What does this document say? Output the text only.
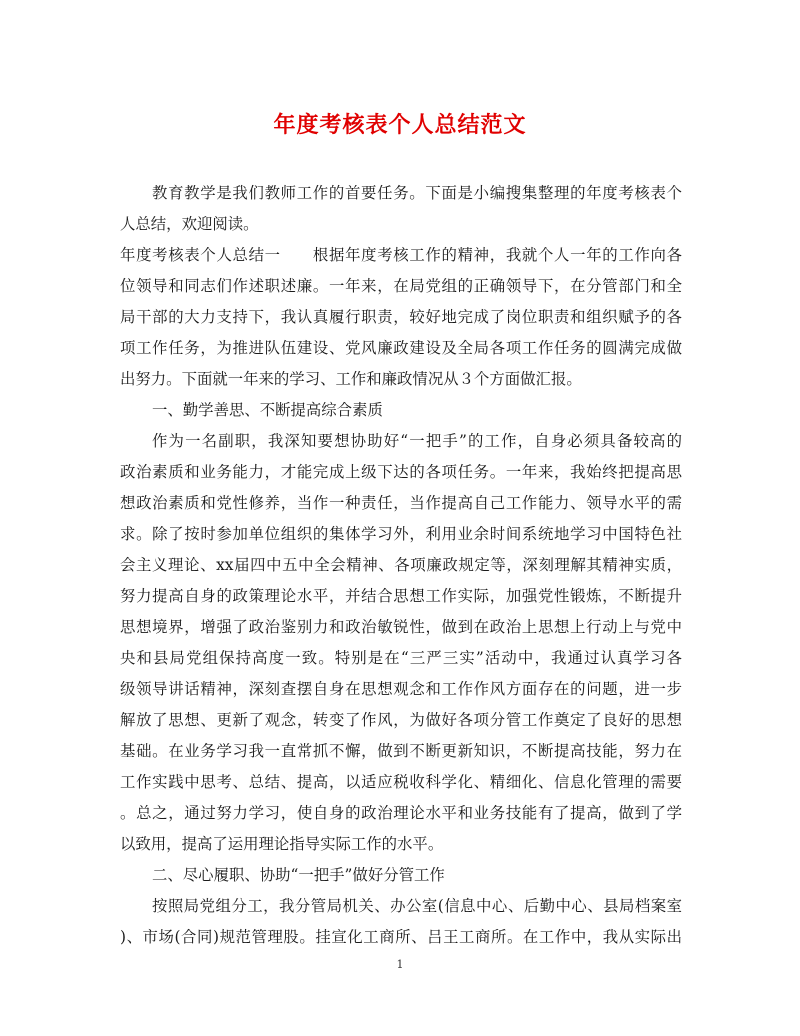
年度考核表个人总结范文
教育教学是我们教师工作的首要任务。下面是小编搜集整理的年度考核表个
人总结，欢迎阅读。
年度考核表个人总结一　　根据年度考核工作的精神，我就个人一年的工作向各
位领导和同志们作述职述廉。一年来，在局党组的正确领导下，在分管部门和全
局干部的大力支持下，我认真履行职责，较好地完成了岗位职责和组织赋予的各
项工作任务，为推进队伍建设、党风廉政建设及全局各项工作任务的圆满完成做
出努力。下面就一年来的学习、工作和廉政情况从３个方面做汇报。
一、勤学善思、不断提高综合素质
作为一名副职，我深知要想协助好“一把手”的工作，自身必须具备较高的
政治素质和业务能力，才能完成上级下达的各项任务。一年来，我始终把提高思
想政治素质和党性修养，当作一种责任，当作提高自己工作能力、领导水平的需
求。除了按时参加单位组织的集体学习外，利用业余时间系统地学习中国特色社
会主义理论、xx届四中五中全会精神、各项廉政规定等，深刻理解其精神实质，
努力提高自身的政策理论水平，并结合思想工作实际，加强党性锻炼，不断提升
思想境界，增强了政治鉴别力和政治敏锐性，做到在政治上思想上行动上与党中
央和县局党组保持高度一致。特别是在“三严三实”活动中，我通过认真学习各
级领导讲话精神，深刻查摆自身在思想观念和工作作风方面存在的问题，进一步
解放了思想、更新了观念，转变了作风，为做好各项分管工作奠定了良好的思想
基础。在业务学习我一直常抓不懈，做到不断更新知识，不断提高技能，努力在
工作实践中思考、总结、提高，以适应税收科学化、精细化、信息化管理的需要
。总之，通过努力学习，使自身的政治理论水平和业务技能有了提高，做到了学
以致用，提高了运用理论指导实际工作的水平。
二、尽心履职、协助“一把手”做好分管工作
按照局党组分工，我分管局机关、办公室(信息中心、后勤中心、县局档案室
)、市场(合同)规范管理股。挂宣化工商所、吕王工商所。在工作中，我从实际出
1
